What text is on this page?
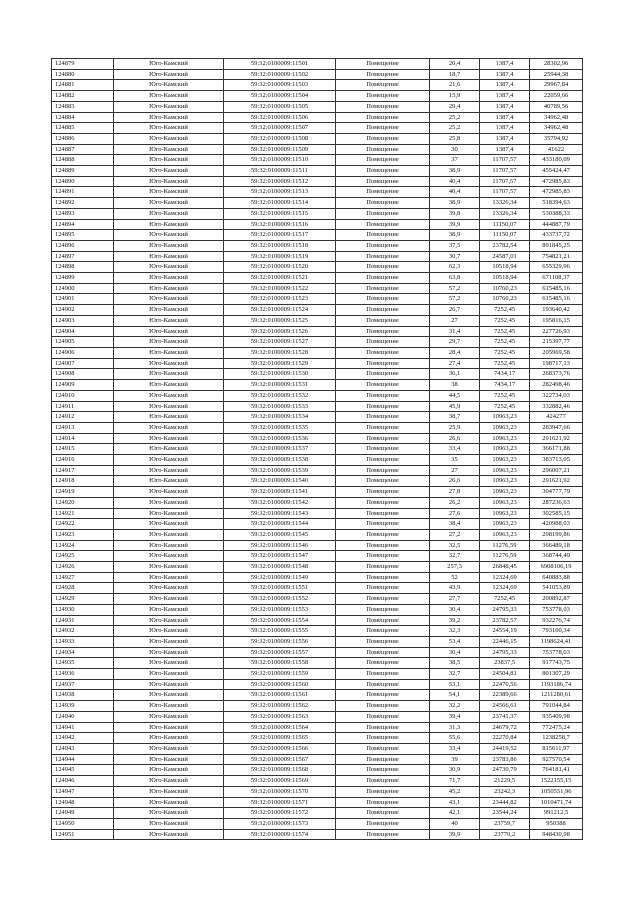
124879	Юго-Камский	59:32:0100009:11501	Помещение	20,4	1387,4	28302,96
124880	Юго-Камский	59:32:0100009:11502	Помещение	18,7	1387,4	25944,38
124881	Юго-Камский	59:32:0100009:11503	Помещение	21,6	1387,4	29967,84
124882	Юго-Камский	59:32:0100009:11504	Помещение	15,9	1387,4	22059,66
124883	Юго-Камский	59:32:0100009:11505	Помещение	29,4	1387,4	40789,56
124884	Юго-Камский	59:32:0100009:11506	Помещение	25,2	1387,4	34962,48
124885	Юго-Камский	59:32:0100009:11507	Помещение	25,2	1387,4	34962,48
124886	Юго-Камский	59:32:0100009:11508	Помещение	25,8	1387,4	35794,92
124887	Юго-Камский	59:32:0100009:11509	Помещение	30	1387,4	41622
124888	Юго-Камский	59:32:0100009:11510	Помещение	37	11707,57	433180,09
124889	Юго-Камский	59:32:0100009:11511	Помещение	38,9	11707,57	455424,47
124890	Юго-Камский	59:32:0100009:11512	Помещение	40,4	11707,57	472985,83
124891	Юго-Камский	59:32:0100009:11513	Помещение	40,4	11707,57	472985,83
124892	Юго-Камский	59:32:0100009:11514	Помещение	38,9	13326,34	518394,63
124893	Юго-Камский	59:32:0100009:11515	Помещение	39,8	13326,34	530388,33
124894	Юго-Камский	59:32:0100009:11516	Помещение	39,9	11150,07	444887,79
124895	Юго-Камский	59:32:0100009:11517	Помещение	38,9	11150,07	433737,72
124896	Юго-Камский	59:32:0100009:11518	Помещение	37,5	23782,54	891845,25
124897	Юго-Камский	59:32:0100009:11519	Помещение	30,7	24587,01	754821,21
124898	Юго-Камский	59:32:0100009:11520	Помещение	62,3	10518,94	655329,96
124899	Юго-Камский	59:32:0100009:11521	Помещение	63,8	10518,94	671108,37
124900	Юго-Камский	59:32:0100009:11522	Помещение	57,2	10760,23	615485,16
124901	Юго-Камский	59:32:0100009:11523	Помещение	57,2	10760,23	615485,16
124902	Юго-Камский	59:32:0100009:11524	Помещение	26,7	7252,45	193640,42
124903	Юго-Камский	59:32:0100009:11525	Помещение	27	7252,45	195816,15
124904	Юго-Камский	59:32:0100009:11526	Помещение	31,4	7252,45	227726,93
124905	Юго-Камский	59:32:0100009:11527	Помещение	29,7	7252,45	215397,77
124906	Юго-Камский	59:32:0100009:11528	Помещение	28,4	7252,45	205969,58
124907	Юго-Камский	59:32:0100009:11529	Помещение	27,4	7252,45	198717,13
124908	Юго-Камский	59:32:0100009:11530	Помещение	36,1	7434,17	268373,76
124909	Юго-Камский	59:32:0100009:11531	Помещение	38	7434,17	282498,46
124910	Юго-Камский	59:32:0100009:11532	Помещение	44,5	7252,45	322734,03
124911	Юго-Камский	59:32:0100009:11533	Помещение	45,9	7252,45	332882,46
124912	Юго-Камский	59:32:0100009:11534	Помещение	38,7	10963,23	424277
124913	Юго-Камский	59:32:0100009:11535	Помещение	25,9	10963,23	283947,66
124914	Юго-Камский	59:32:0100009:11536	Помещение	26,6	10963,23	291621,92
124915	Юго-Камский	59:32:0100009:11537	Помещение	33,4	10963,23	366171,88
124916	Юго-Камский	59:32:0100009:11538	Помещение	35	10963,23	383713,05
124917	Юго-Камский	59:32:0100009:11539	Помещение	27	10963,23	296007,21
124918	Юго-Камский	59:32:0100009:11540	Помещение	26,6	10963,23	291621,92
124919	Юго-Камский	59:32:0100009:11541	Помещение	27,8	10963,23	304777,79
124920	Юго-Камский	59:32:0100009:11542	Помещение	26,2	10963,23	287236,63
124921	Юго-Камский	59:32:0100009:11543	Помещение	27,6	10963,23	302585,15
124922	Юго-Камский	59:32:0100009:11544	Помещение	38,4	10963,23	420988,03
124923	Юго-Камский	59:32:0100009:11545	Помещение	27,2	10963,23	298199,86
124924	Юго-Камский	59:32:0100009:11546	Помещение	32,5	11276,59	366489,18
124925	Юго-Камский	59:32:0100009:11547	Помещение	32,7	11276,59	368744,49
124926	Юго-Камский	59:32:0100009:11548	Помещение	257,3	26848,45	6908106,19
124927	Юго-Камский	59:32:0100009:11549	Помещение	52	12324,69	640883,88
124928	Юго-Камский	59:32:0100009:11551	Помещение	43,9	12324,69	541053,89
124929	Юго-Камский	59:32:0100009:11552	Помещение	27,7	7252,45	200892,87
124930	Юго-Камский	59:32:0100009:11553	Помещение	30,4	24795,33	753778,03
124931	Юго-Камский	59:32:0100009:11554	Помещение	39,2	23782,57	932276,74
124932	Юго-Камский	59:32:0100009:11555	Помещение	32,3	24554,19	793100,34
124933	Юго-Камский	59:32:0100009:11556	Помещение	53,4	22446,15	1198624,41
124934	Юго-Камский	59:32:0100009:11557	Помещение	30,4	24795,33	753778,03
124935	Юго-Камский	59:32:0100009:11558	Помещение	38,5	23837,5	917743,75
124936	Юго-Камский	59:32:0100009:11559	Помещение	32,7	24504,81	801307,29
124937	Юго-Камский	59:32:0100009:11560	Помещение	53,1	22470,56	1193186,74
124938	Юго-Камский	59:32:0100009:11561	Помещение	54,1	22389,66	1211280,61
124939	Юго-Камский	59:32:0100009:11562	Помещение	32,2	24566,61	791044,84
124940	Юго-Камский	59:32:0100009:11563	Помещение	39,4	23741,37	935409,98
124941	Юго-Камский	59:32:0100009:11564	Помещение	31,3	24679,72	772475,24
124942	Юго-Камский	59:32:0100009:11565	Помещение	55,6	22270,84	1238258,7
124943	Юго-Камский	59:32:0100009:11566	Помещение	33,4	24419,52	815611,97
124944	Юго-Камский	59:32:0100009:11567	Помещение	39	23783,86	927570,54
124945	Юго-Камский	59:32:0100009:11568	Помещение	30,9	24730,79	764181,41
124946	Юго-Камский	59:32:0100009:11569	Помещение	71,7	21229,5	1522155,15
124947	Юго-Камский	59:32:0100009:11570	Помещение	45,2	23242,3	1050551,96
124948	Юго-Камский	59:32:0100009:11571	Помещение	43,1	23444,82	1010471,74
124949	Юго-Камский	59:32:0100009:11572	Помещение	42,1	23544,24	991212,5
124950	Юго-Камский	59:32:0100009:11573	Помещение	40	23759,7	950388
124951	Юго-Камский	59:32:0100009:11574	Помещение	39,9	23770,2	948430,98
